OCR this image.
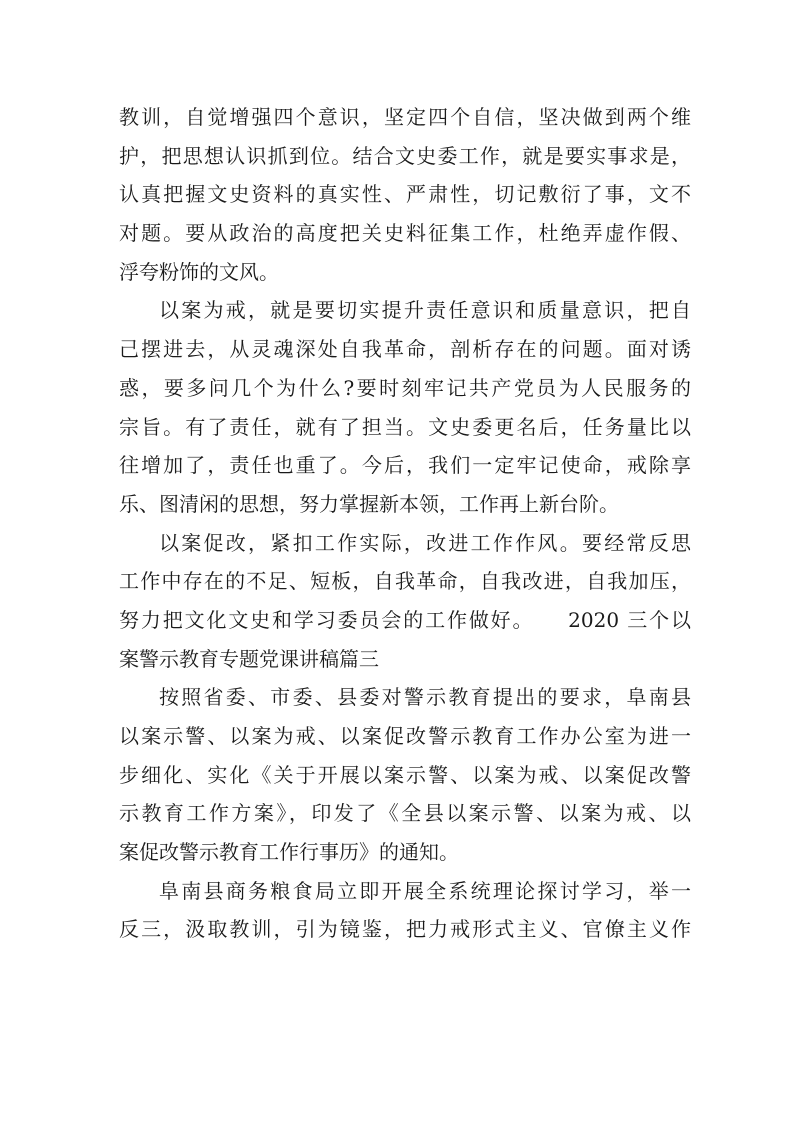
教训，自觉增强四个意识，坚定四个自信，坚决做到两个维
护，把思想认识抓到位。结合文史委工作，就是要实事求是，
认真把握文史资料的真实性、严肃性，切记敷衍了事，文不
对题。要从政治的高度把关史料征集工作，杜绝弄虚作假、
浮夸粉饰的文风。
以案为戒，就是要切实提升责任意识和质量意识，把自
己摆进去，从灵魂深处自我革命，剖析存在的问题。面对诱
惑，要多问几个为什么?要时刻牢记共产党员为人民服务的
宗旨。有了责任，就有了担当。文史委更名后，任务量比以
往增加了，责任也重了。今后，我们一定牢记使命，戒除享
乐、图清闲的思想，努力掌握新本领，工作再上新台阶。
以案促改，紧扣工作实际，改进工作作风。要经常反思
工作中存在的不足、短板，自我革命，自我改进，自我加压，
努力把文化文史和学习委员会的工作做好。　　2020 三个以
案警示教育专题党课讲稿篇三
按照省委、市委、县委对警示教育提出的要求，阜南县
以案示警、以案为戒、以案促改警示教育工作办公室为进一
步细化、实化《关于开展以案示警、以案为戒、以案促改警
示教育工作方案》，印发了《全县以案示警、以案为戒、以
案促改警示教育工作行事历》的通知。
阜南县商务粮食局立即开展全系统理论探讨学习，举一
反三，汲取教训，引为镜鉴，把力戒形式主义、官僚主义作
